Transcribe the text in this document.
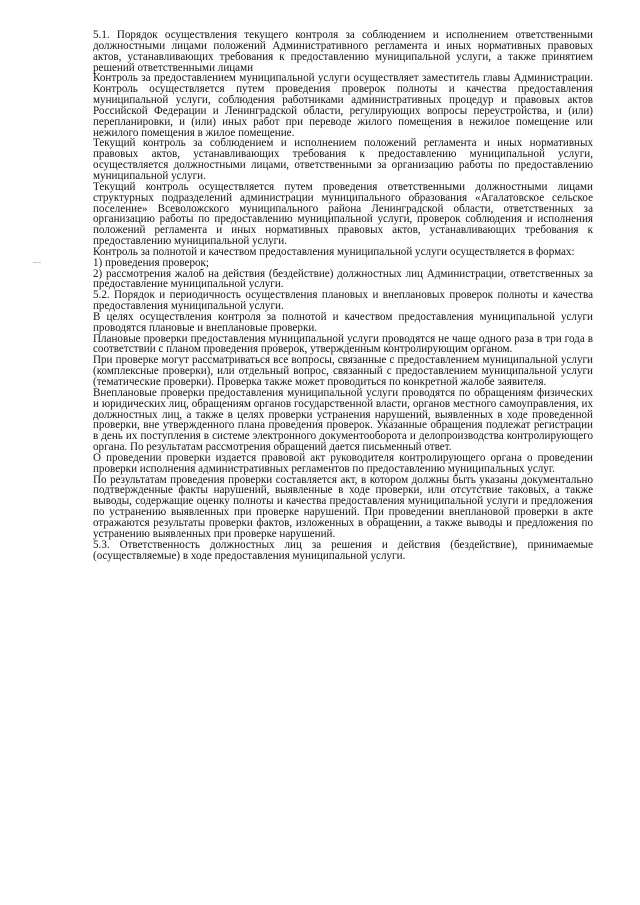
5.1. Порядок осуществления текущего контроля за соблюдением и исполнением ответственными должностными лицами положений Административного регламента и иных нормативных правовых актов, устанавливающих требования к предоставлению муниципальной услуги, а также принятием решений ответственными лицами

Контроль за предоставлением муниципальной услуги осуществляет заместитель главы Администрации. Контроль осуществляется путем проведения проверок полноты и качества предоставления муниципальной услуги, соблюдения работниками административных процедур и правовых актов Российской Федерации и Ленинградской области, регулирующих вопросы переустройства, и (или) перепланировки, и (или) иных работ при переводе жилого помещения в нежилое помещение или нежилого помещения в жилое помещение.

Текущий контроль за соблюдением и исполнением положений регламента и иных нормативных правовых актов, устанавливающих требования к предоставлению муниципальной услуги, осуществляется должностными лицами, ответственными за организацию работы по предоставлению муниципальной услуги.

Текущий контроль осуществляется путем проведения ответственными должностными лицами структурных подразделений администрации муниципального образования «Агалатовское сельское поселение» Всеволожского муниципального района Ленинградской области, ответственных за организацию работы по предоставлению муниципальной услуги, проверок соблюдения и исполнения положений регламента и иных нормативных правовых актов, устанавливающих требования к предоставлению муниципальной услуги.

Контроль за полнотой и качеством предоставления муниципальной услуги осуществляется в формах:

1) проведения проверок;

2) рассмотрения жалоб на действия (бездействие) должностных лиц Администрации, ответственных за предоставление муниципальной услуги.

5.2. Порядок и периодичность осуществления плановых и внеплановых проверок полноты и качества предоставления муниципальной услуги.

В целях осуществления контроля за полнотой и качеством предоставления муниципальной услуги проводятся плановые и внеплановые проверки.

Плановые проверки предоставления муниципальной услуги проводятся не чаще одного раза в три года в соответствии с планом проведения проверок, утвержденным контролирующим органом.

При проверке могут рассматриваться все вопросы, связанные с предоставлением муниципальной услуги (комплексные проверки), или отдельный вопрос, связанный с предоставлением муниципальной услуги (тематические проверки). Проверка также может проводиться по конкретной жалобе заявителя.

Внеплановые проверки предоставления муниципальной услуги проводятся по обращениям физических и юридических лиц, обращениям органов государственной власти, органов местного самоуправления, их должностных лиц, а также в целях проверки устранения нарушений, выявленных в ходе проведенной проверки, вне утвержденного плана проведения проверок. Указанные обращения подлежат регистрации в день их поступления в системе электронного документооборота и делопроизводства контролирующего органа. По результатам рассмотрения обращений дается письменный ответ.

О проведении проверки издается правовой акт руководителя контролирующего органа о проведении проверки исполнения административных регламентов по предоставлению муниципальных услуг.

По результатам проведения проверки составляется акт, в котором должны быть указаны документально подтвержденные факты нарушений, выявленные в ходе проверки, или отсутствие таковых, а также выводы, содержащие оценку полноты и качества предоставления муниципальной услуги и предложения по устранению выявленных при проверке нарушений. При проведении внеплановой проверки в акте отражаются результаты проверки фактов, изложенных в обращении, а также выводы и предложения по устранению выявленных при проверке нарушений.

5.3. Ответственность должностных лиц за решения и действия (бездействие), принимаемые (осуществляемые) в ходе предоставления муниципальной услуги.
